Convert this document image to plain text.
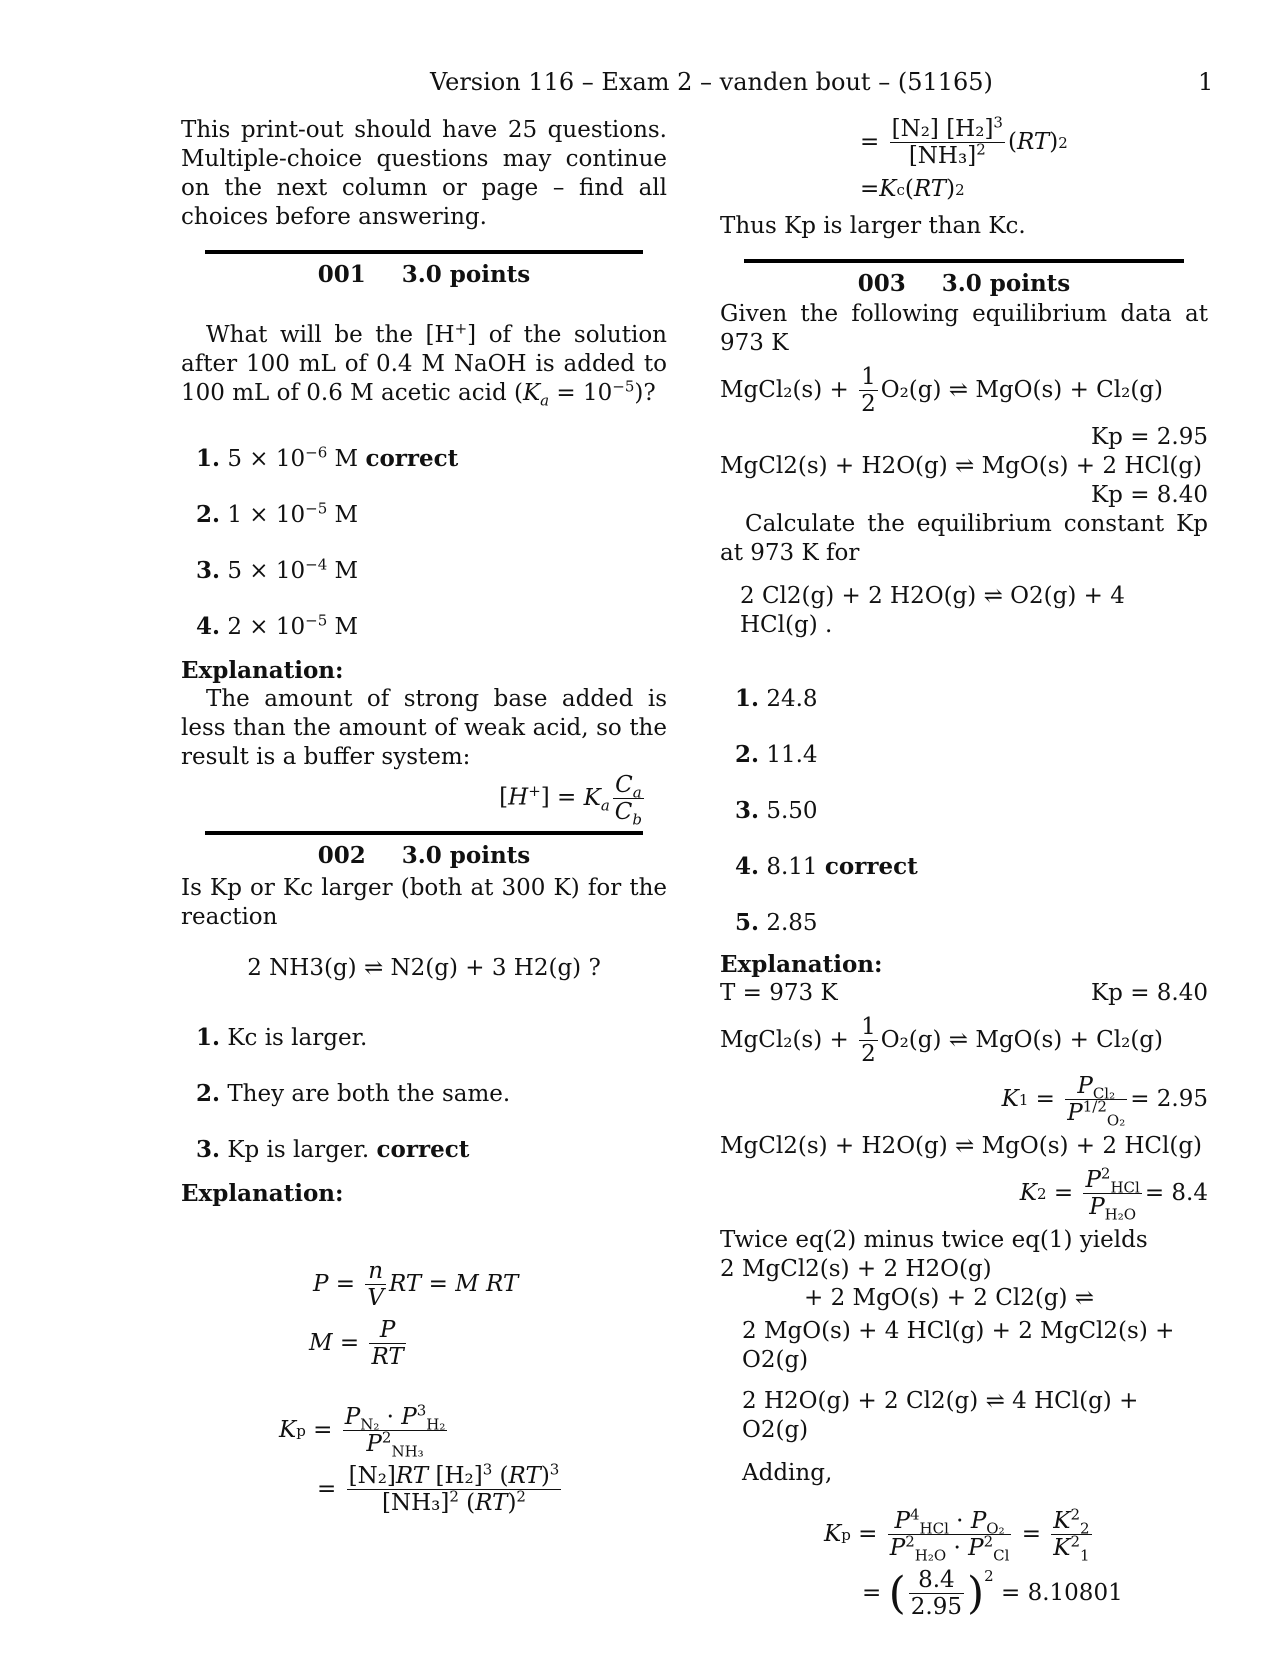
Version 116 – Exam 2 – vanden bout – (51165)	1

This print-out should have 25 questions. Multiple-choice questions may continue on the next column or page – find all choices before answering.

001 3.0 points

What will be the [H+] of the solution after 100 mL of 0.4 M NaOH is added to 100 mL of 0.6 M acetic acid $(K_a = 10^{-5})$?

1. $5 \times 10^{-6}$ M correct
2. $1 \times 10^{-5}$ M
3. $5 \times 10^{-4}$ M
4. $2 \times 10^{-5}$ M
Explanation:

The amount of strong base added is less than the amount of weak acid, so the result is a buffer system:

$[H^+] = K_a \frac{C_a}{C_b}$
002 3.0 points

Is Kp or Kc larger (both at 300 K) for the reaction

2 NH3(g) ⇌ N2(g) + 3 H2(g) ?
1. Kc is larger.
2. They are both the same.
3. Kp is larger. correct
Explanation:
$P = \frac{n}{V}$ RT = M RT
$M = \frac{P}{RT}$
K $p = \frac{P_{N_2} \cdot P^3_{H_2}}{P^2_{NH_3}}$
= $\frac{[N_2]RT [H_2]^3 (RT)^3}{[NH_3]^2 (RT)^2}$
= $\frac{[N_2] [H_2]^3}{[NH_3]^2}$ ( RT ) 2
= K c ( RT ) 2

Thus Kp is larger than Kc.

003 3.0 points

Given the following equilibrium data at 973 K

MgCl₂(s) + $\frac{1}{2} O_2(g)$ ⇌ MgO(s) + Cl₂(g)
Kp = 2.95
MgCl2(s) + H2O(g) ⇌ MgO(s) + 2 HCl(g)
Kp = 8.40

Calculate the equilibrium constant Kp at 973 K for

2 Cl2(g) + 2 H2O(g) ⇌ O2(g) + 4 HCl(g) .
1. 24.8
2. 11.4
3. 5.50
4. 8.11 correct
5. 2.85
Explanation:
T = 973 K	Kp = 8.40
MgCl₂(s) + $\frac{1}{2} O_2(g)$ ⇌ MgO(s) + Cl₂(g)
K $1 = \frac{P_{Cl_2}}{P^{1/2}_{O_2}} = 2.95$
MgCl2(s) + H2O(g) ⇌ MgO(s) + 2 HCl(g)
K $2 = \frac{P^2_{HCl}}{P_{H_2O}} = 8.4$
Twice eq(2) minus twice eq(1) yields
2 MgCl2(s) + 2 H2O(g)
+ 2 MgO(s) + 2 Cl2(g) ⇌
2 MgO(s) + 4 HCl(g) + 2 MgCl2(s) + O2(g)
2 H2O(g) + 2 Cl2(g) ⇌ 4 HCl(g) + O2(g)
Adding,
K $p = \frac{P^4_{HCl} \cdot P_{O_2}}{P^2_{H_2O} \cdot P^2_{Cl}} = \frac{K^2_2}{K^2_1}$
= ( $\frac{8.4}{2.95} )^2$

= 8.10801
